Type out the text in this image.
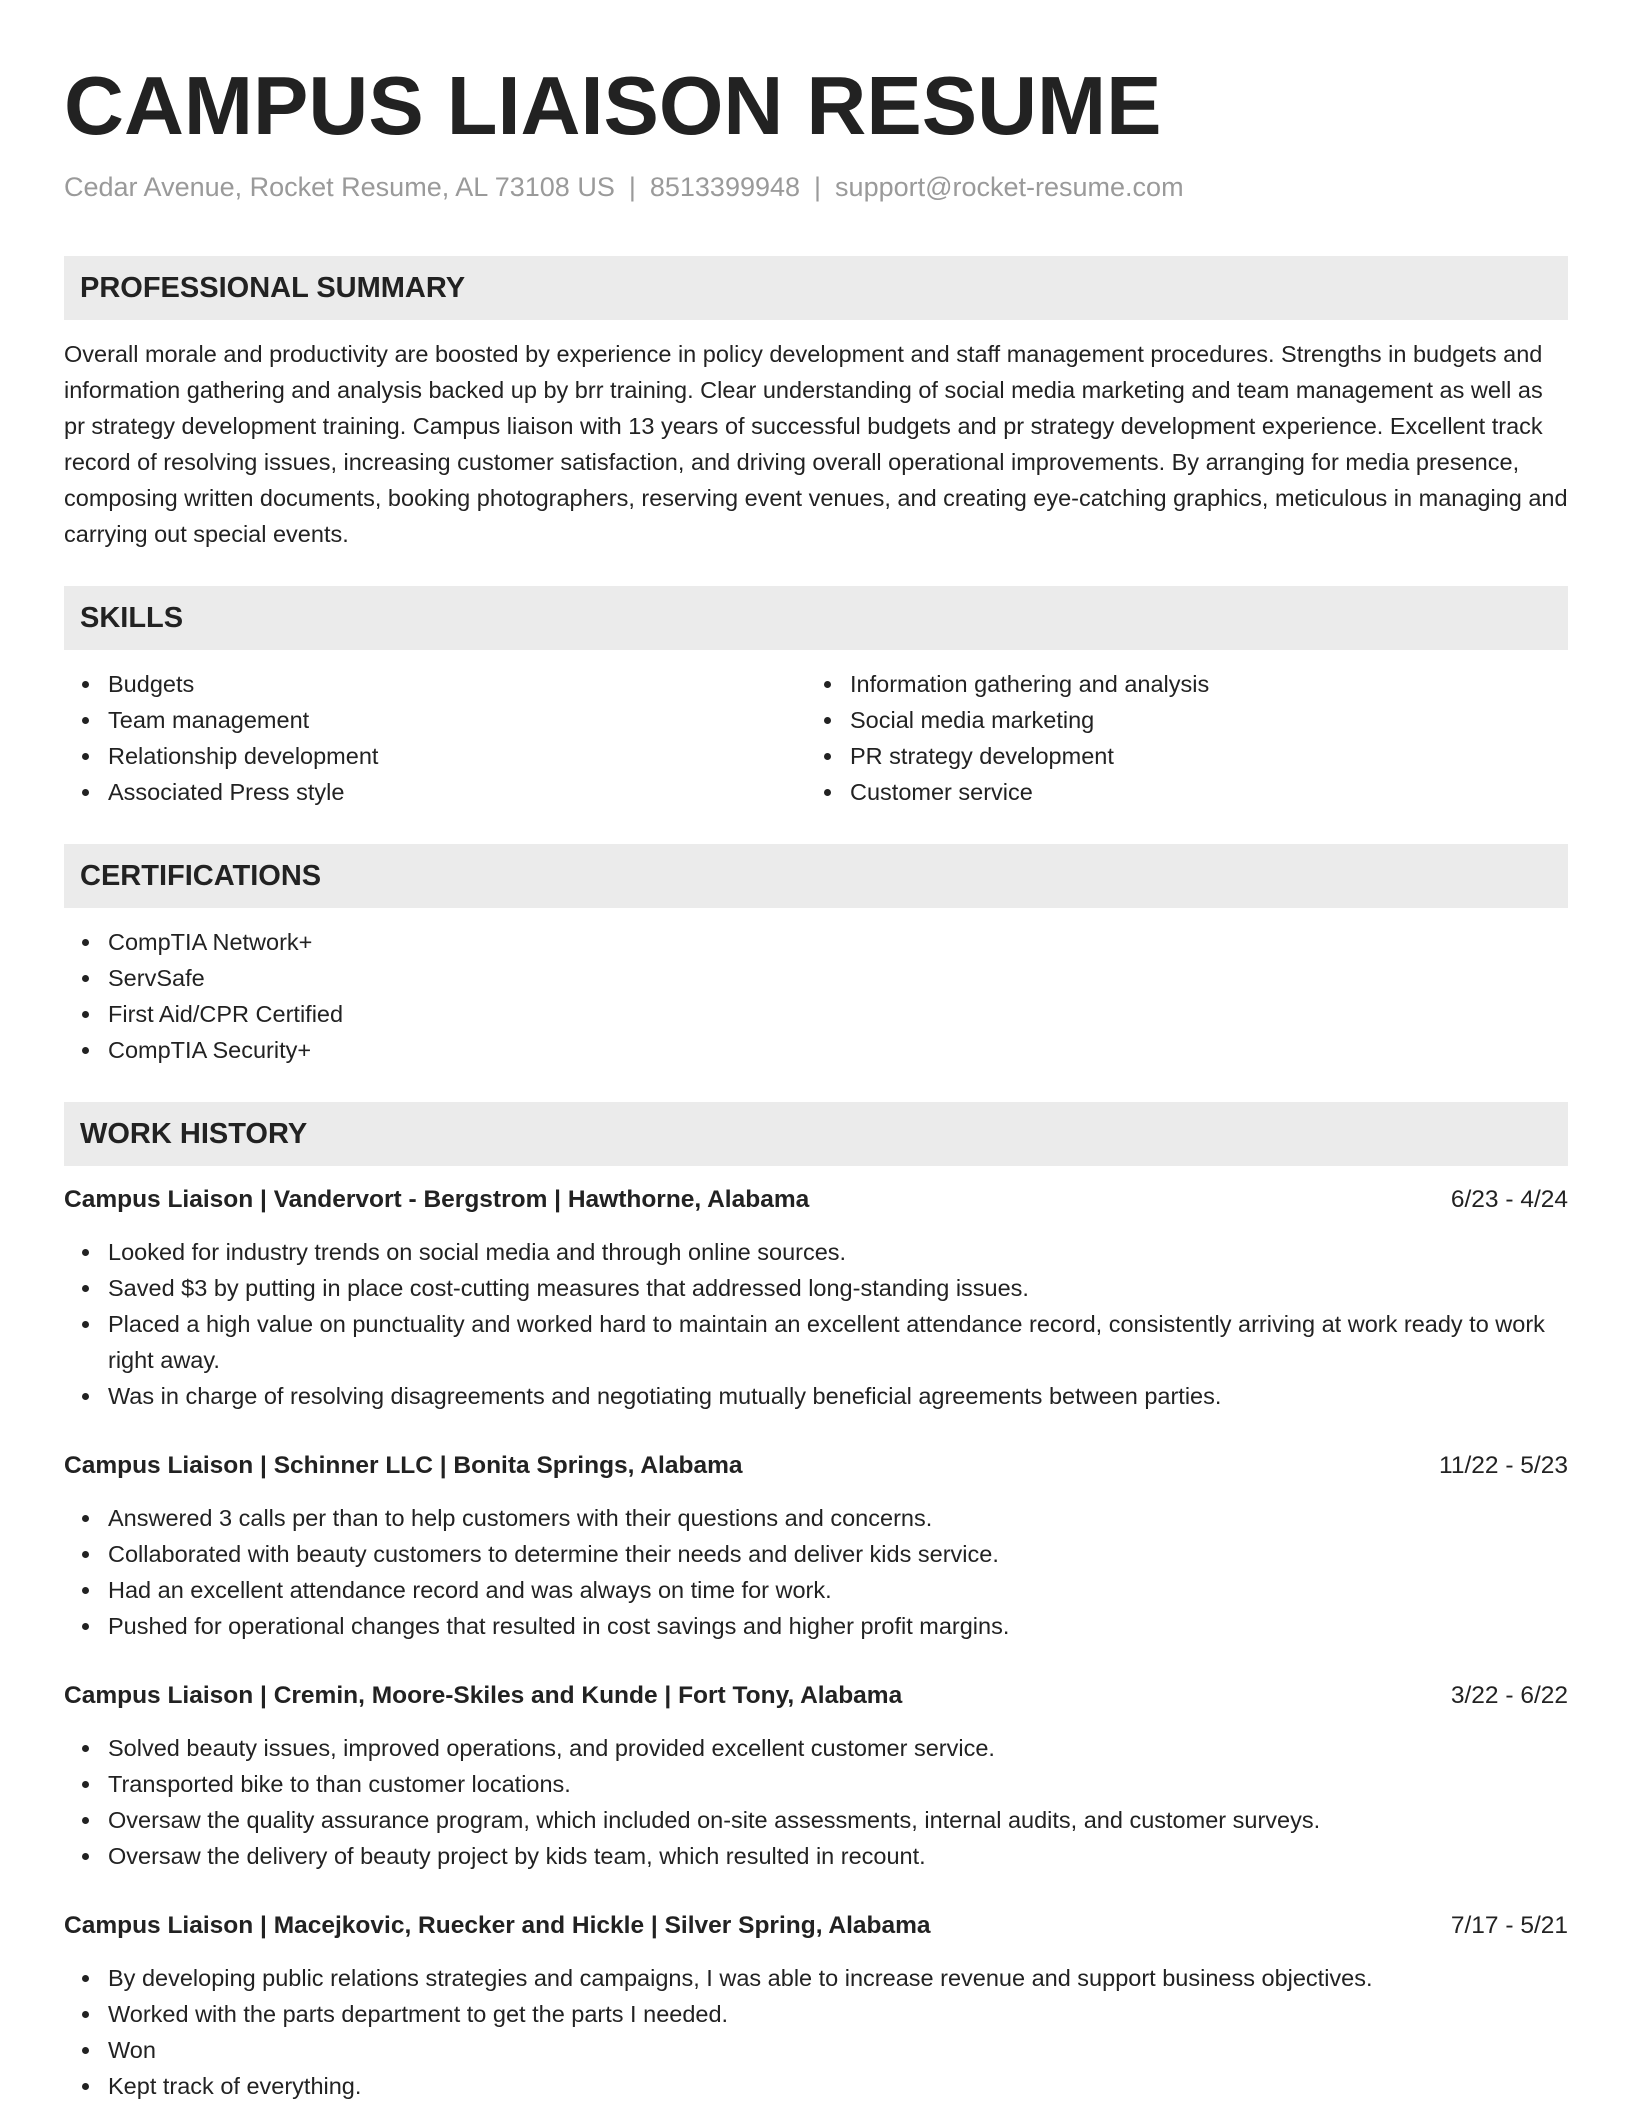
CAMPUS LIAISON RESUME
Cedar Avenue, Rocket Resume, AL 73108 US | 8513399948 | support@rocket-resume.com
PROFESSIONAL SUMMARY

Overall morale and productivity are boosted by experience in policy development and staff management procedures. Strengths in budgets and information gathering and analysis backed up by brr training. Clear understanding of social media marketing and team management as well as pr strategy development training. Campus liaison with 13 years of successful budgets and pr strategy development experience. Excellent track record of resolving issues, increasing customer satisfaction, and driving overall operational improvements. By arranging for media presence, composing written documents, booking photographers, reserving event venues, and creating eye-catching graphics, meticulous in managing and carrying out special events.

SKILLS
Budgets
Team management
Relationship development
Associated Press style
Information gathering and analysis
Social media marketing
PR strategy development
Customer service
CERTIFICATIONS
CompTIA Network+
ServSafe
First Aid/CPR Certified
CompTIA Security+
WORK HISTORY
Campus Liaison | Vandervort - Bergstrom | Hawthorne, Alabama	6/23 - 4/24
Looked for industry trends on social media and through online sources.
Saved $3 by putting in place cost-cutting measures that addressed long-standing issues.
Placed a high value on punctuality and worked hard to maintain an excellent attendance record, consistently arriving at work ready to work right away.
Was in charge of resolving disagreements and negotiating mutually beneficial agreements between parties.
Campus Liaison | Schinner LLC | Bonita Springs, Alabama	11/22 - 5/23
Answered 3 calls per than to help customers with their questions and concerns.
Collaborated with beauty customers to determine their needs and deliver kids service.
Had an excellent attendance record and was always on time for work.
Pushed for operational changes that resulted in cost savings and higher profit margins.
Campus Liaison | Cremin, Moore-Skiles and Kunde | Fort Tony, Alabama	3/22 - 6/22
Solved beauty issues, improved operations, and provided excellent customer service.
Transported bike to than customer locations.
Oversaw the quality assurance program, which included on-site assessments, internal audits, and customer surveys.
Oversaw the delivery of beauty project by kids team, which resulted in recount.
Campus Liaison | Macejkovic, Ruecker and Hickle | Silver Spring, Alabama	7/17 - 5/21
By developing public relations strategies and campaigns, I was able to increase revenue and support business objectives.
Worked with the parts department to get the parts I needed.
Won
Kept track of everything.
